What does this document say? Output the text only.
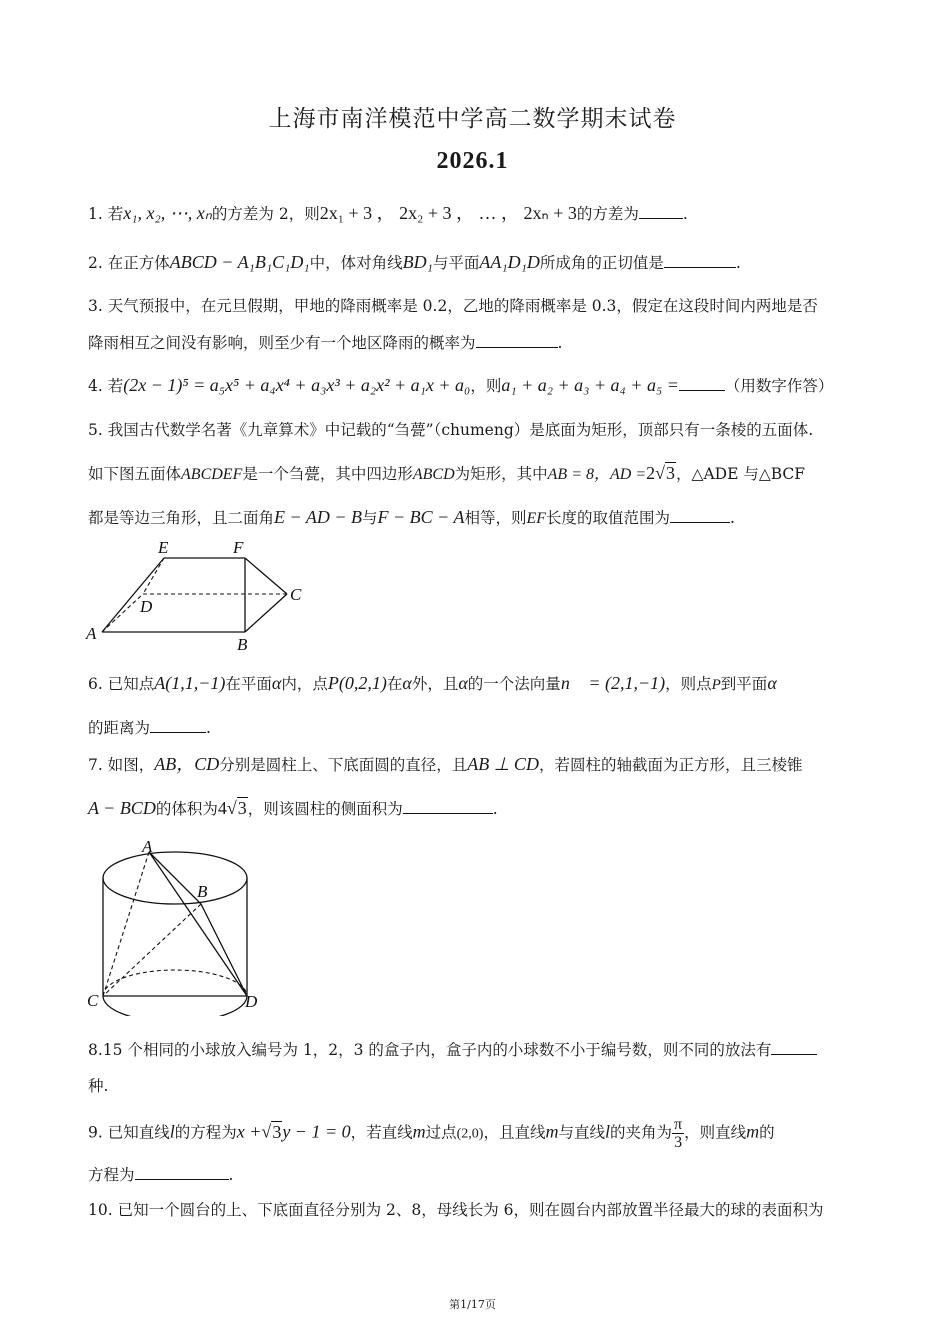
上海市南洋模范中学高二数学期末试卷
2026.1
1. 若x₁, x₂, ⋯, xₙ的方差为 2，则2x₁ + 3 ， 2x₂ + 3 ， … ， 2xₙ + 3的方差为	.
2. 在正方体ABCD − A₁B₁C₁D₁中，体对角线BD₁与平面AA₁D₁D所成角的正切值是	.
3. 天气预报中，在元旦假期，甲地的降雨概率是 0.2，乙地的降雨概率是 0.3，假定在这段时间内两地是否
降雨相互之间没有影响，则至少有一个地区降雨的概率为	.
4. 若(2x − 1)⁵ = a₅x⁵ + a₄x⁴ + a₃x³ + a₂x² + a₁x + a₀，则a₁ + a₂ + a₃ + a₄ + a₅ =	（用数字作答）
5. 我国古代数学名著《九章算术》中记载的“刍甍”（chumeng）是底面为矩形，顶部只有一条棱的五面体.
如下图五面体ABCDEF是一个刍甍，其中四边形ABCD为矩形，其中AB = 8，AD =2√3，△ADE 与△BCF
都是等边三角形，且二面角E − AD − B与F − BC − A相等，则EF长度的取值范围为	.
E	F
D
C
A
B
6. 已知点A(1,1,−1)在平面α内，点P(0,2,1)在α外，且α的一个法向量n⃗ = (2,1,−1)，则点P到平面α
的距离为	.
7. 如图，AB，CD分别是圆柱上、下底面圆的直径，且AB ⊥ CD，若圆柱的轴截面为正方形，且三棱锥
A − BCD的体积为4√3，则该圆柱的侧面积为	.
A
B
C	D
8.15 个相同的小球放入编号为 1，2，3 的盒子内，盒子内的小球数不小于编号数，则不同的放法有
种.
9. 已知直线l的方程为x +√3y − 1 = 0，若直线m过点(2,0)，且直线m与直线l的夹角为 $\frac{\pi}{3}$ ，则直线m的
方程为	.
10. 已知一个圆台的上、下底面直径分别为 2、8，母线长为 6，则在圆台内部放置半径最大的球的表面积为
第1/17页
